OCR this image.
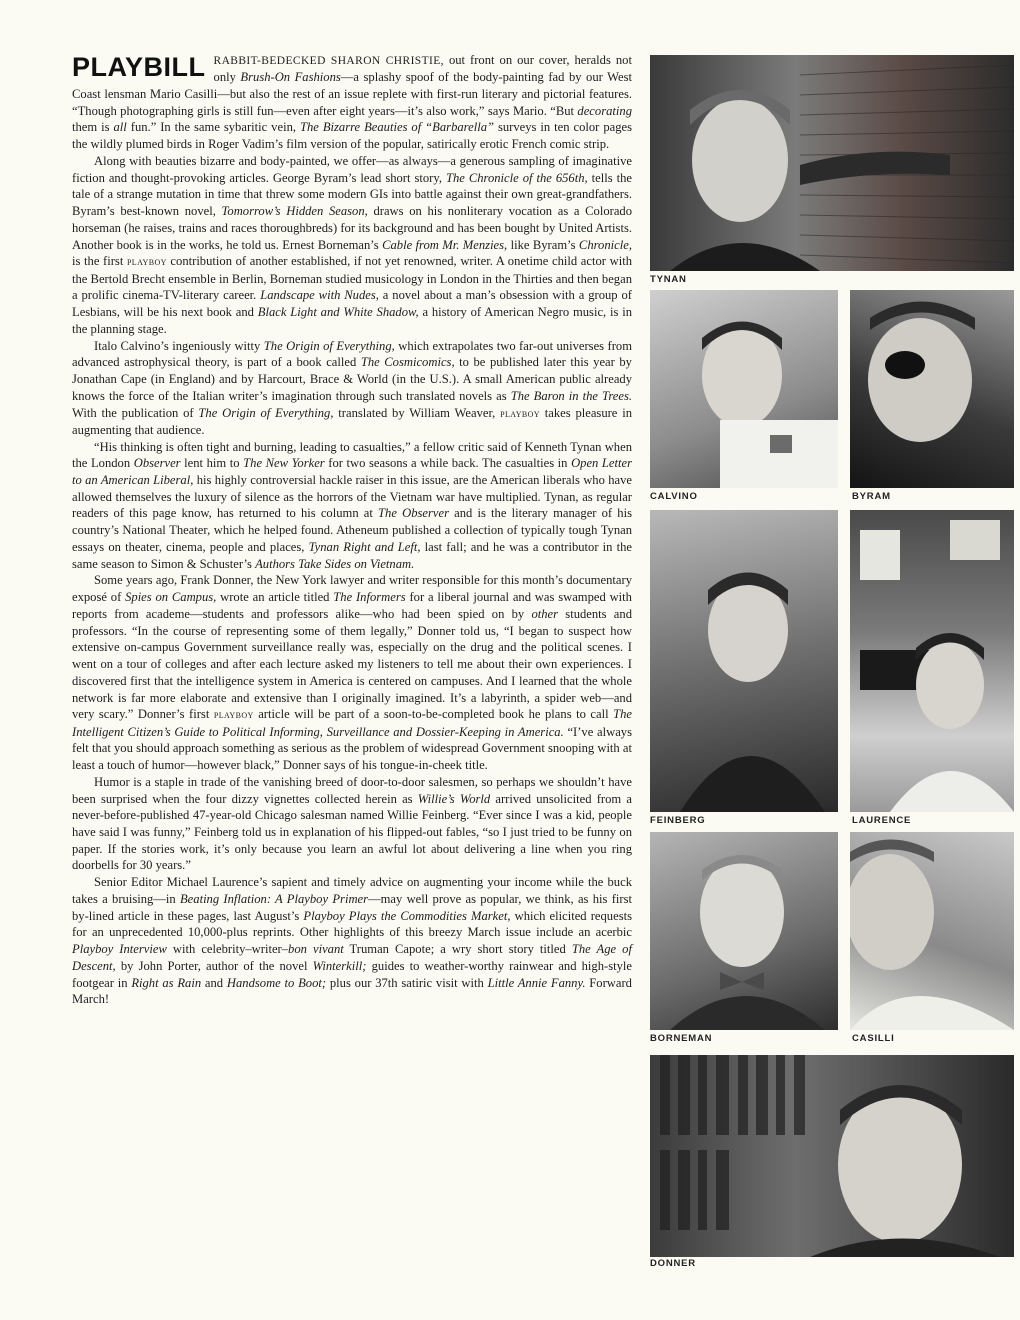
PLAYBILL RABBIT-BEDECKED SHARON CHRISTIE, out front on our cover, heralds not only Brush-On Fashions—a splashy spoof of the body-painting fad by our West Coast lensman Mario Casilli—but also the rest of an issue replete with first-run literary and pictorial features. “Though photographing girls is still fun—even after eight years—it’s also work,” says Mario. “But decorating them is all fun.” In the same sybaritic vein, The Bizarre Beauties of “Barbarella” surveys in ten color pages the wildly plumed birds in Roger Vadim’s film version of the popular, satirically erotic French comic strip.

Along with beauties bizarre and body-painted, we offer—as always—a generous sampling of imaginative fiction and thought-provoking articles. George Byram’s lead short story, The Chronicle of the 656th, tells the tale of a strange mutation in time that threw some modern GIs into battle against their own great-grandfathers. Byram’s best-known novel, Tomorrow’s Hidden Season, draws on his nonliterary vocation as a Colorado horseman (he raises, trains and races thoroughbreds) for its background and has been bought by United Artists. Another book is in the works, he told us. Ernest Borneman’s Cable from Mr. Menzies, like Byram’s Chronicle, is the first playboy contribution of another established, if not yet renowned, writer. A onetime child actor with the Bertold Brecht ensemble in Berlin, Borneman studied musicology in London in the Thirties and then began a prolific cinema-TV-literary career. Landscape with Nudes, a novel about a man’s obsession with a group of Lesbians, will be his next book and Black Light and White Shadow, a history of American Negro music, is in the planning stage.

Italo Calvino’s ingeniously witty The Origin of Everything, which extrapolates two far-out universes from advanced astrophysical theory, is part of a book called The Cosmicomics, to be published later this year by Jonathan Cape (in England) and by Harcourt, Brace & World (in the U.S.). A small American public already knows the force of the Italian writer’s imagination through such translated novels as The Baron in the Trees. With the publication of The Origin of Everything, translated by William Weaver, playboy takes pleasure in augmenting that audience.

“His thinking is often tight and burning, leading to casualties,” a fellow critic said of Kenneth Tynan when the London Observer lent him to The New Yorker for two seasons a while back. The casualties in Open Letter to an American Liberal, his highly controversial hackle raiser in this issue, are the American liberals who have allowed themselves the luxury of silence as the horrors of the Vietnam war have multiplied. Tynan, as regular readers of this page know, has returned to his column at The Observer and is the literary manager of his country’s National Theater, which he helped found. Atheneum published a collection of typically tough Tynan essays on theater, cinema, people and places, Tynan Right and Left, last fall; and he was a contributor in the same season to Simon & Schuster’s Authors Take Sides on Vietnam.

Some years ago, Frank Donner, the New York lawyer and writer responsible for this month’s documentary exposé of Spies on Campus, wrote an article titled The Informers for a liberal journal and was swamped with reports from academe—students and professors alike—who had been spied on by other students and professors. “In the course of representing some of them legally,” Donner told us, “I began to suspect how extensive on-campus Government surveillance really was, especially on the drug and the political scenes. I went on a tour of colleges and after each lecture asked my listeners to tell me about their own experiences. I discovered first that the intelligence system in America is centered on campuses. And I learned that the whole network is far more elaborate and extensive than I originally imagined. It’s a labyrinth, a spider web—and very scary.” Donner’s first playboy article will be part of a soon-to-be-completed book he plans to call The Intelligent Citizen’s Guide to Political Informing, Surveillance and Dossier-Keeping in America. “I’ve always felt that you should approach something as serious as the problem of widespread Government snooping with at least a touch of humor—however black,” Donner says of his tongue-in-cheek title.

Humor is a staple in trade of the vanishing breed of door-to-door salesmen, so perhaps we shouldn’t have been surprised when the four dizzy vignettes collected herein as Willie’s World arrived unsolicited from a never-before-published 47-year-old Chicago salesman named Willie Feinberg. “Ever since I was a kid, people have said I was funny,” Feinberg told us in explanation of his flipped-out fables, “so I just tried to be funny on paper. If the stories work, it’s only because you learn an awful lot about delivering a line when you ring doorbells for 30 years.”

Senior Editor Michael Laurence’s sapient and timely advice on augmenting your income while the buck takes a bruising—in Beating Inflation: A Playboy Primer—may well prove as popular, we think, as his first by-lined article in these pages, last August’s Playboy Plays the Commodities Market, which elicited requests for an unprecedented 10,000-plus reprints. Other highlights of this breezy March issue include an acerbic Playboy Interview with celebrity–writer–bon vivant Truman Capote; a wry short story titled The Age of Descent, by John Porter, author of the novel Winterkill; guides to weather-worthy rainwear and high-style footgear in Right as Rain and Handsome to Boot; plus our 37th satiric visit with Little Annie Fanny. Forward March!

TYNAN
CALVINO	BYRAM
FEINBERG	LAURENCE
BORNEMAN	CASILLI
DONNER
